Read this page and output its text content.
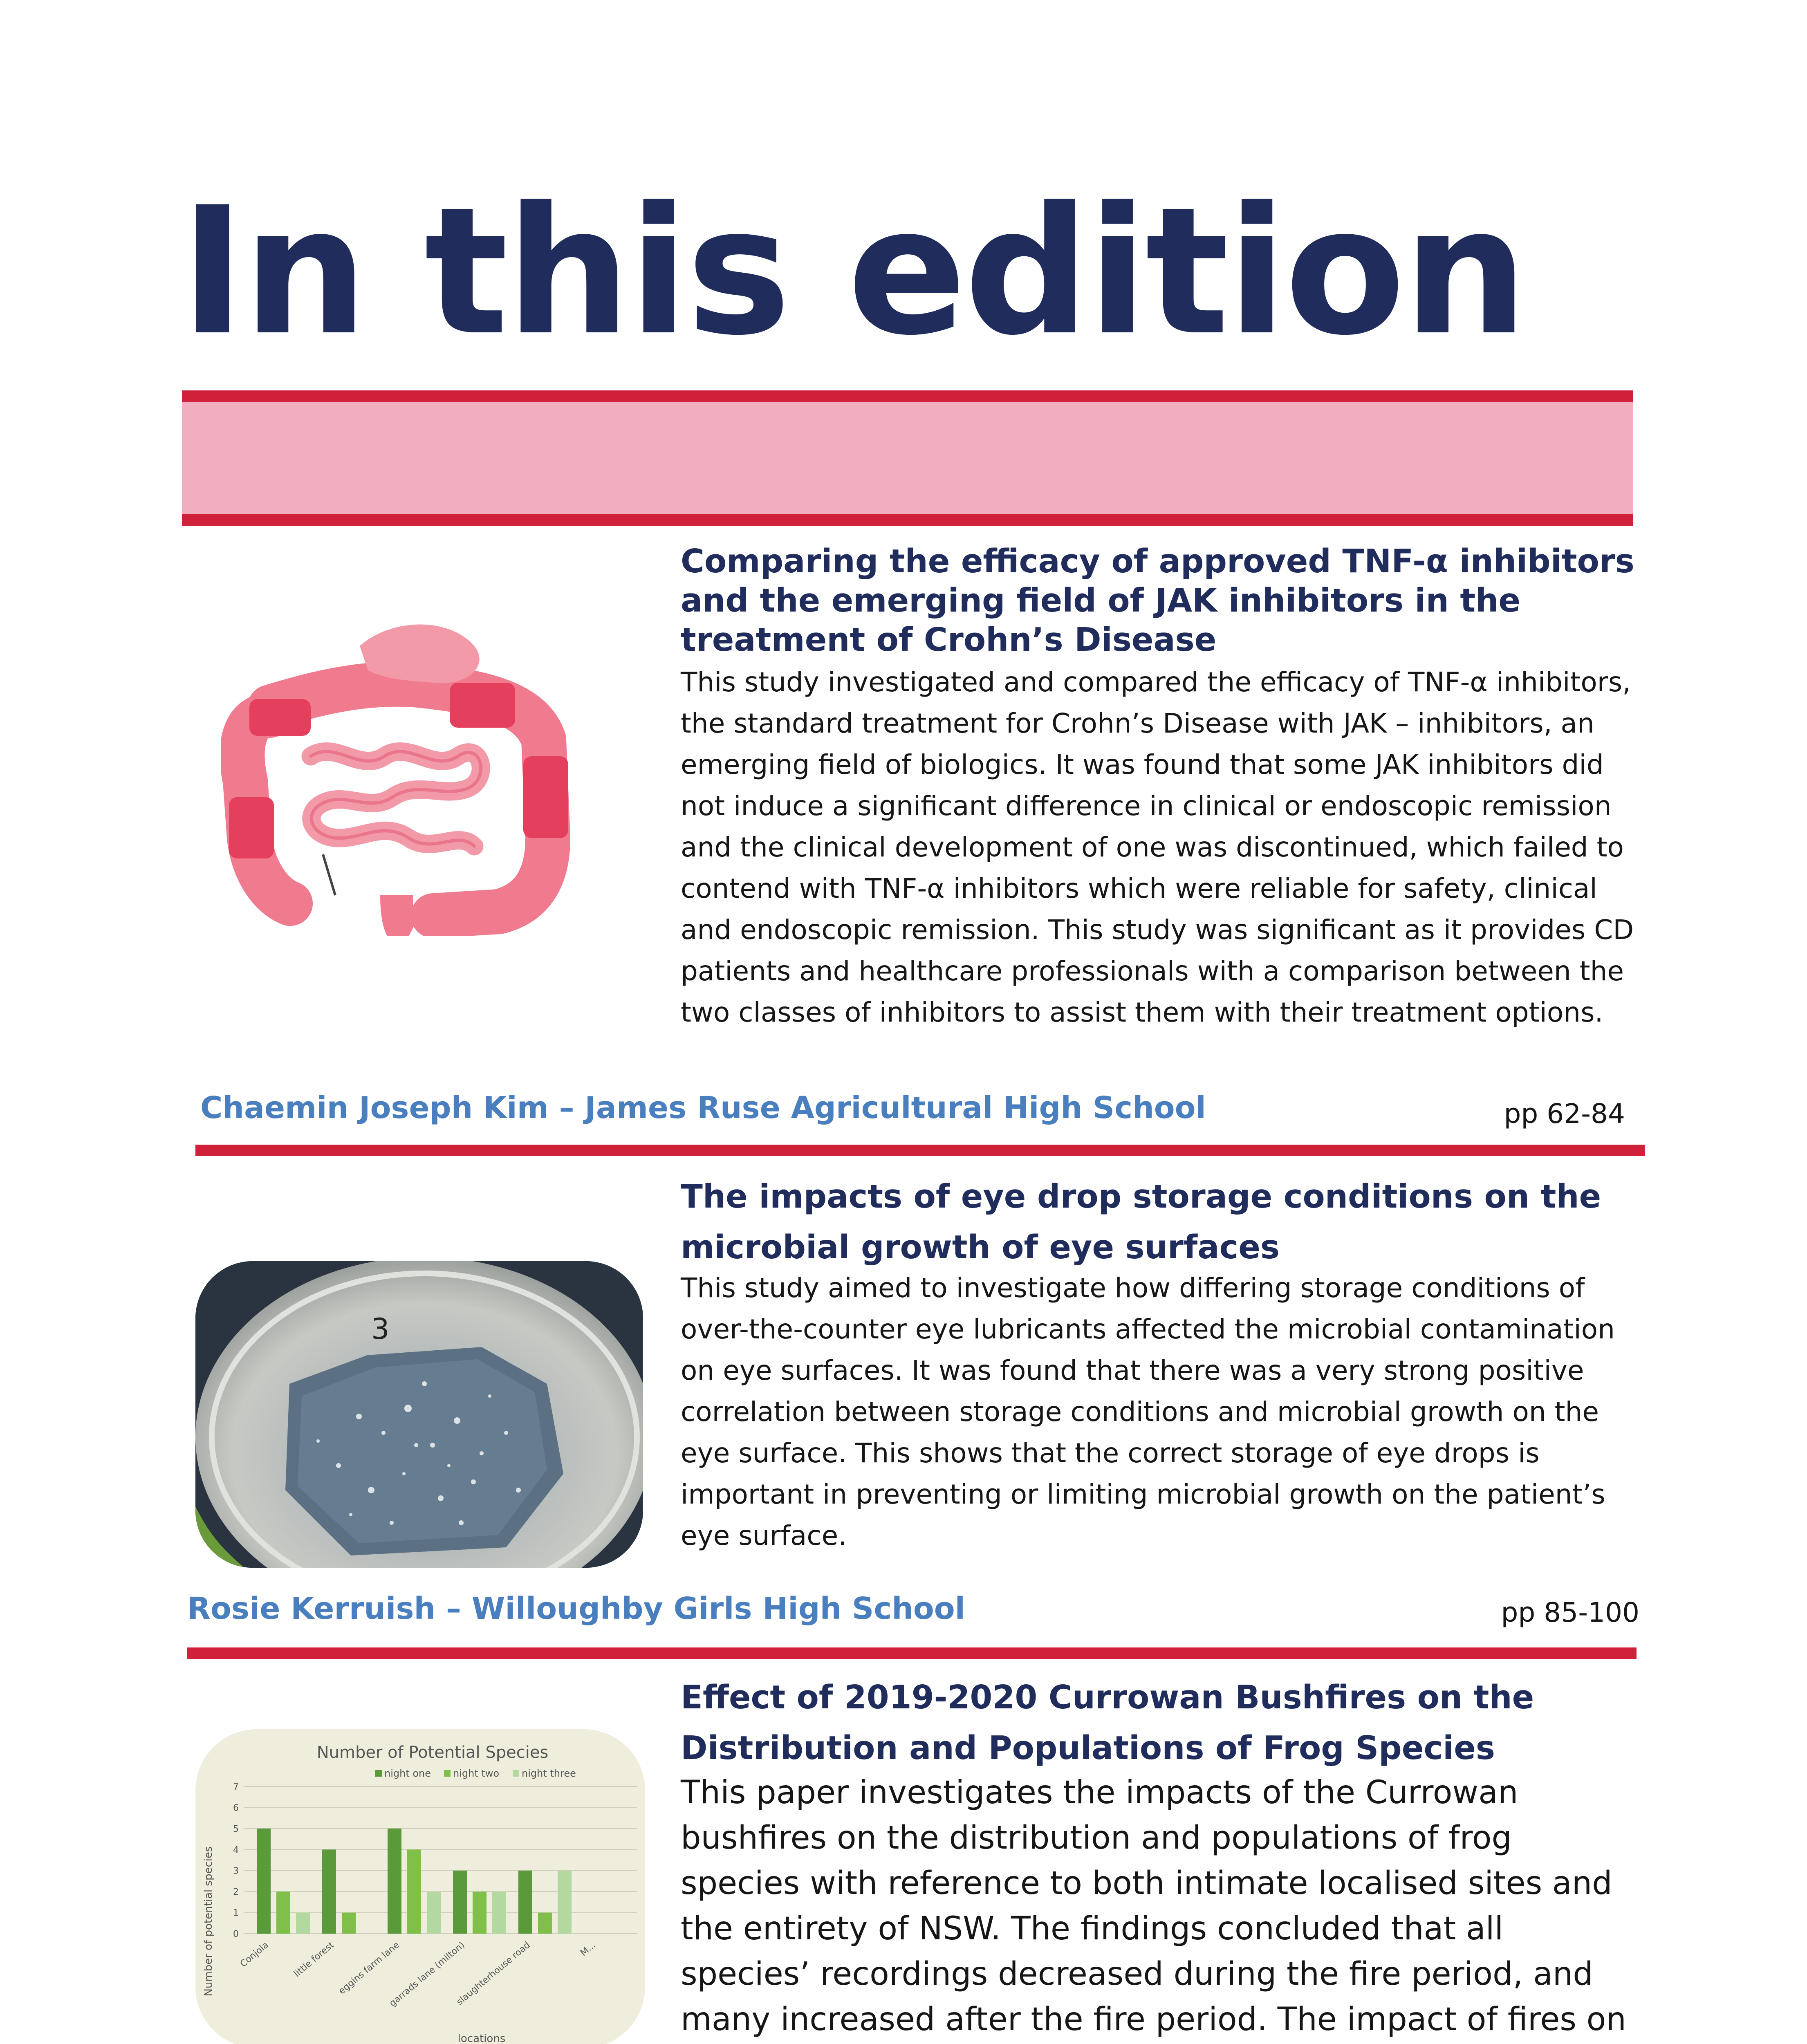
In this edition
Comparing the efficacy of approved TNF-α inhibitors and the emerging field of JAK inhibitors in the treatment of Crohn’s Disease
This study investigated and compared the efficacy of TNF-α inhibitors, the standard treatment for Crohn’s Disease with JAK – inhibitors, an emerging field of biologics. It was found that some JAK inhibitors did not induce a significant difference in clinical or endoscopic remission and the clinical development of one was discontinued, which failed to contend with TNF-α inhibitors which were reliable for safety, clinical and endoscopic remission. This study was significant as it provides CD patients and healthcare professionals with a comparison between the two classes of inhibitors to assist them with their treatment options.
Chaemin Joseph Kim – James Ruse Agricultural High School	pp 62-84
3
The impacts of eye drop storage conditions on the microbial growth of eye surfaces
This study aimed to investigate how differing storage conditions of over-the-counter eye lubricants affected the microbial contamination on eye surfaces. It was found that there was a very strong positive correlation between storage conditions and microbial growth on the eye surface. This shows that the correct storage of eye drops is important in preventing or limiting microbial growth on the patient’s eye surface.
Rosie Kerruish – Willoughby Girls High School	pp 85-100
Number of Potential Species
night one night two night three
0
1
2
3
4
5
6
7
Conjola little forest eggins farm lane
garrads lane (milton)
slaughterhouse road	M...
Number of potential species
locations
Effect of 2019-2020 Currowan Bushfires on the Distribution and Populations of Frog Species
This paper investigates the impacts of the Currowan bushfires on the distribution and populations of frog species with reference to both intimate localised sites and the entirety of NSW. The findings concluded that all species’ recordings decreased during the fire period, and many increased after the fire period. The impact of fires on
